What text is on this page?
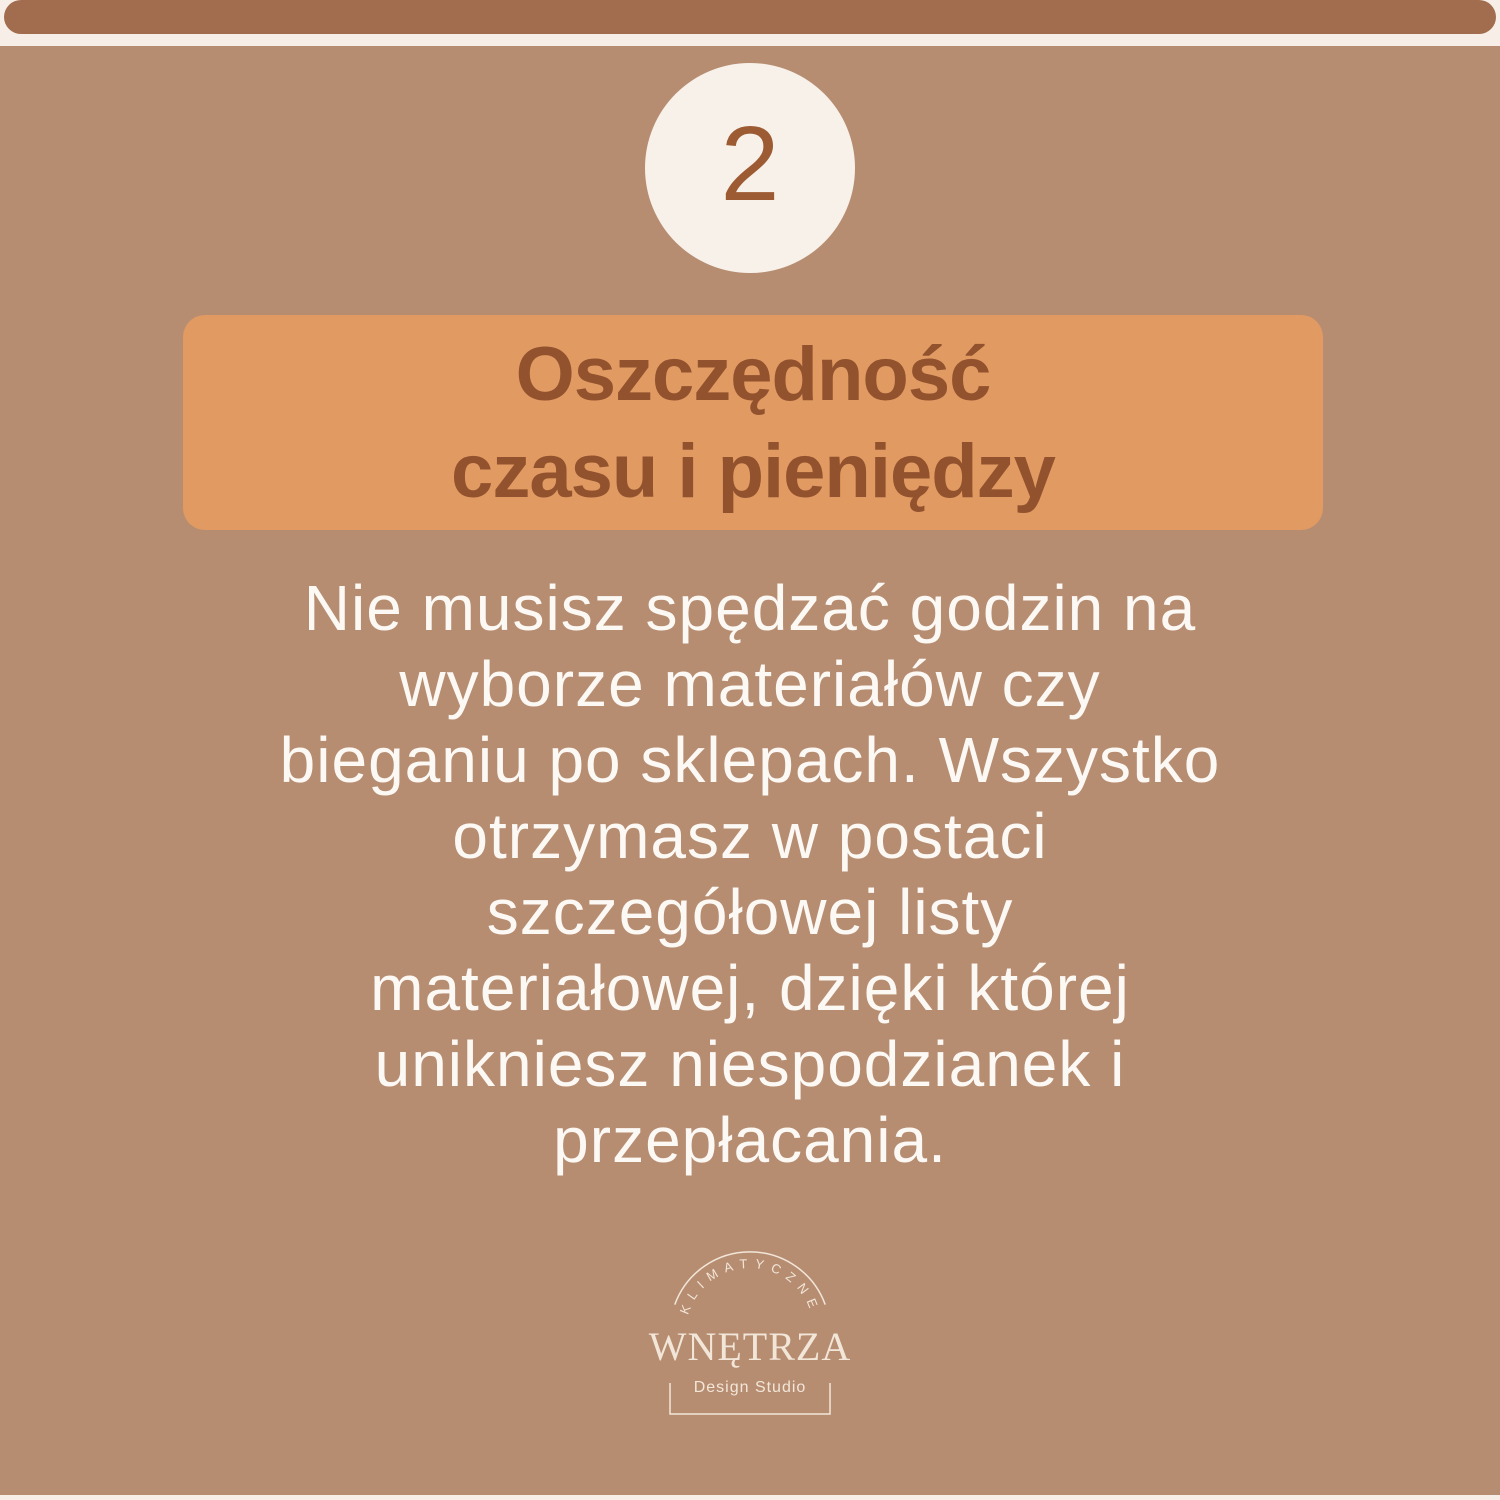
2
Oszczędność
czasu i pieniędzy
Nie musisz spędzać godzin na
wyborze materiałów czy
bieganiu po sklepach. Wszystko
otrzymasz w postaci
szczegółowej listy
materiałowej, dzięki której
unikniesz niespodzianek i
przepłacania.
KLIMATYCZNE
WNĘTRZA
Design Studio
